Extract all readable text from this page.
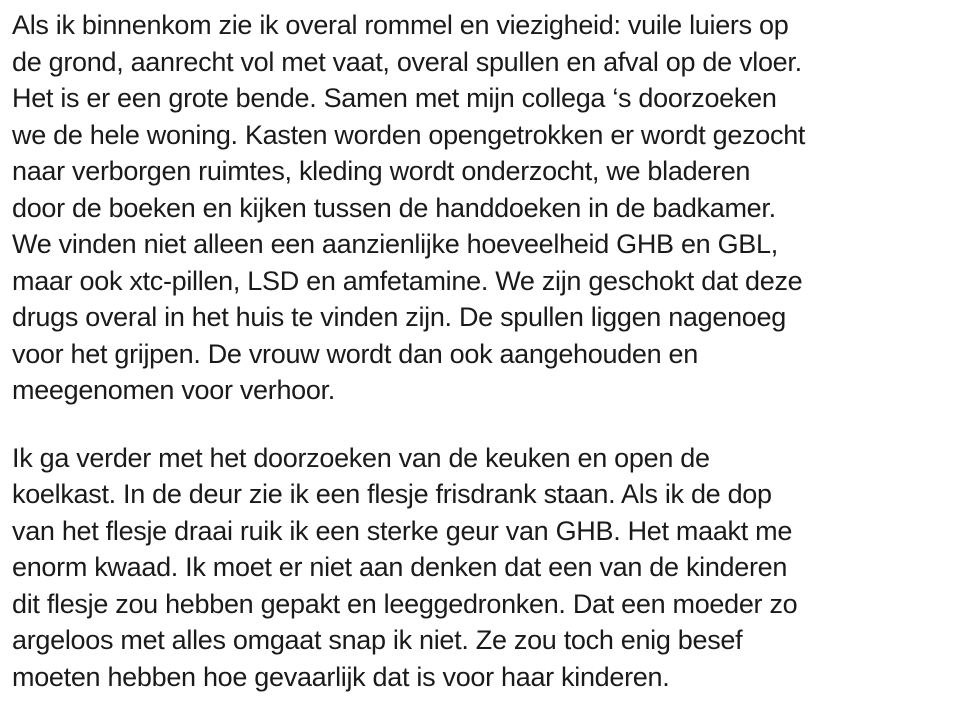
Als ik binnenkom zie ik overal rommel en viezigheid: vuile luiers op
de grond, aanrecht vol met vaat, overal spullen en afval op de vloer.
Het is er een grote bende. Samen met mijn collega ‘s doorzoeken
we de hele woning. Kasten worden opengetrokken er wordt gezocht
naar verborgen ruimtes, kleding wordt onderzocht, we bladeren
door de boeken en kijken tussen de handdoeken in de badkamer.
We vinden niet alleen een aanzienlijke hoeveelheid GHB en GBL,
maar ook xtc-pillen, LSD en amfetamine. We zijn geschokt dat deze
drugs overal in het huis te vinden zijn. De spullen liggen nagenoeg
voor het grijpen. De vrouw wordt dan ook aangehouden en
meegenomen voor verhoor.

Ik ga verder met het doorzoeken van de keuken en open de
koelkast. In de deur zie ik een flesje frisdrank staan. Als ik de dop
van het flesje draai ruik ik een sterke geur van GHB. Het maakt me
enorm kwaad. Ik moet er niet aan denken dat een van de kinderen
dit flesje zou hebben gepakt en leeggedronken. Dat een moeder zo
argeloos met alles omgaat snap ik niet. Ze zou toch enig besef
moeten hebben hoe gevaarlijk dat is voor haar kinderen.
